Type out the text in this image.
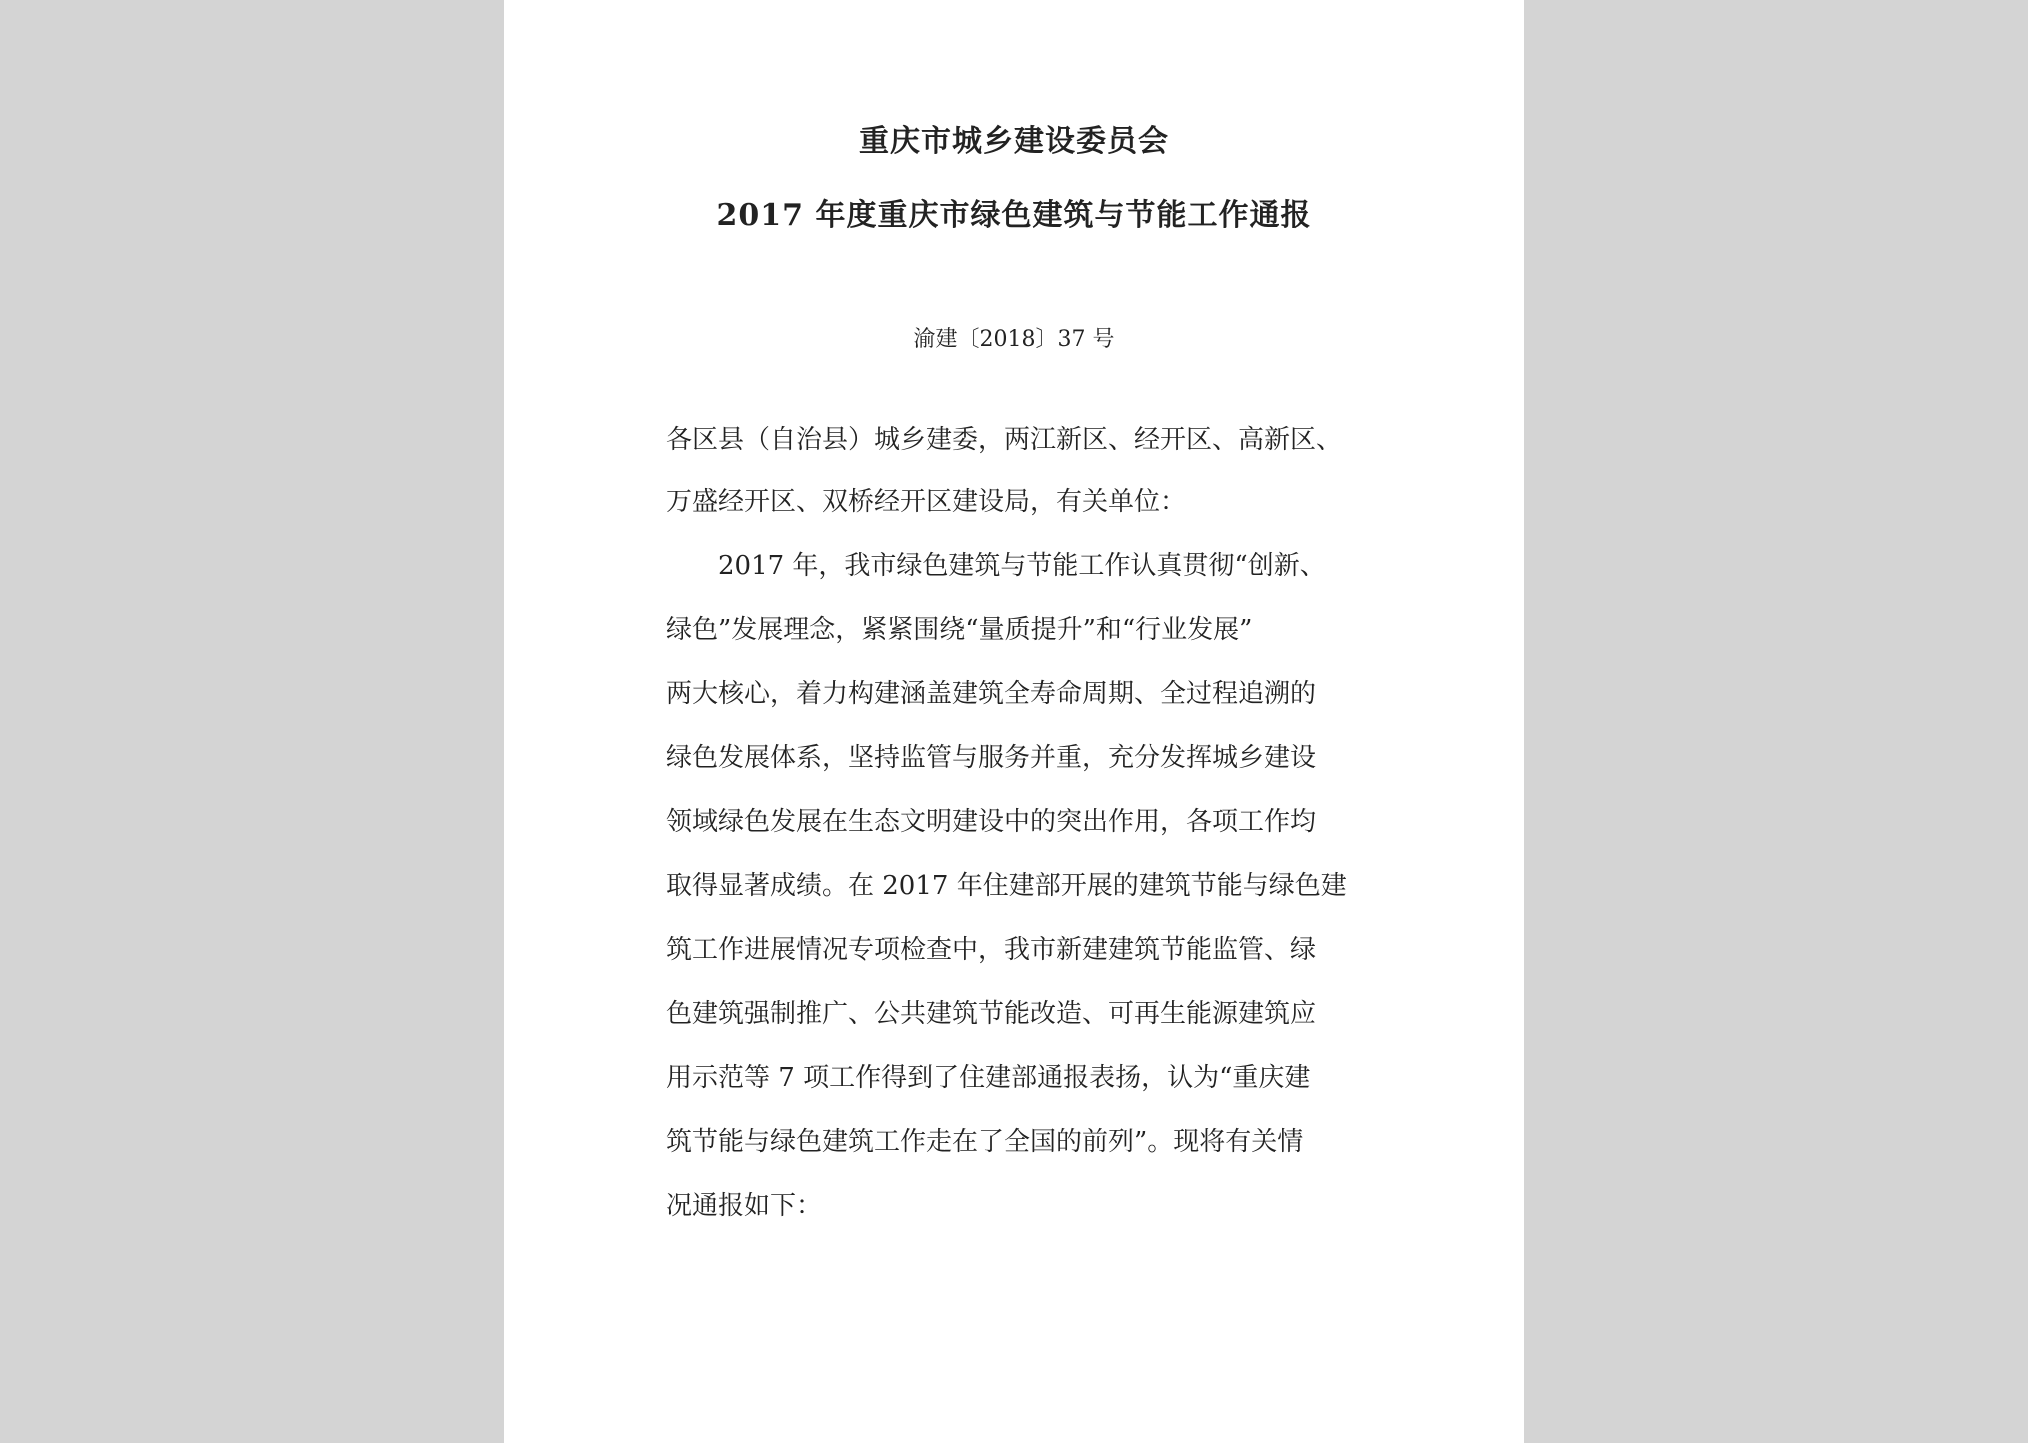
重庆市城乡建设委员会
2017 年度重庆市绿色建筑与节能工作通报
渝建〔2018〕37 号
各区县（自治县）城乡建委，两江新区、经开区、高新区、
万盛经开区、双桥经开区建设局，有关单位：
2017 年，我市绿色建筑与节能工作认真贯彻“创新、
绿色”发展理念，紧紧围绕“量质提升”和“行业发展”
两大核心，着力构建涵盖建筑全寿命周期、全过程追溯的
绿色发展体系，坚持监管与服务并重，充分发挥城乡建设
领域绿色发展在生态文明建设中的突出作用，各项工作均
取得显著成绩。在 2017 年住建部开展的建筑节能与绿色建
筑工作进展情况专项检查中，我市新建建筑节能监管、绿
色建筑强制推广、公共建筑节能改造、可再生能源建筑应
用示范等 7 项工作得到了住建部通报表扬，认为“重庆建
筑节能与绿色建筑工作走在了全国的前列”。现将有关情
况通报如下：
